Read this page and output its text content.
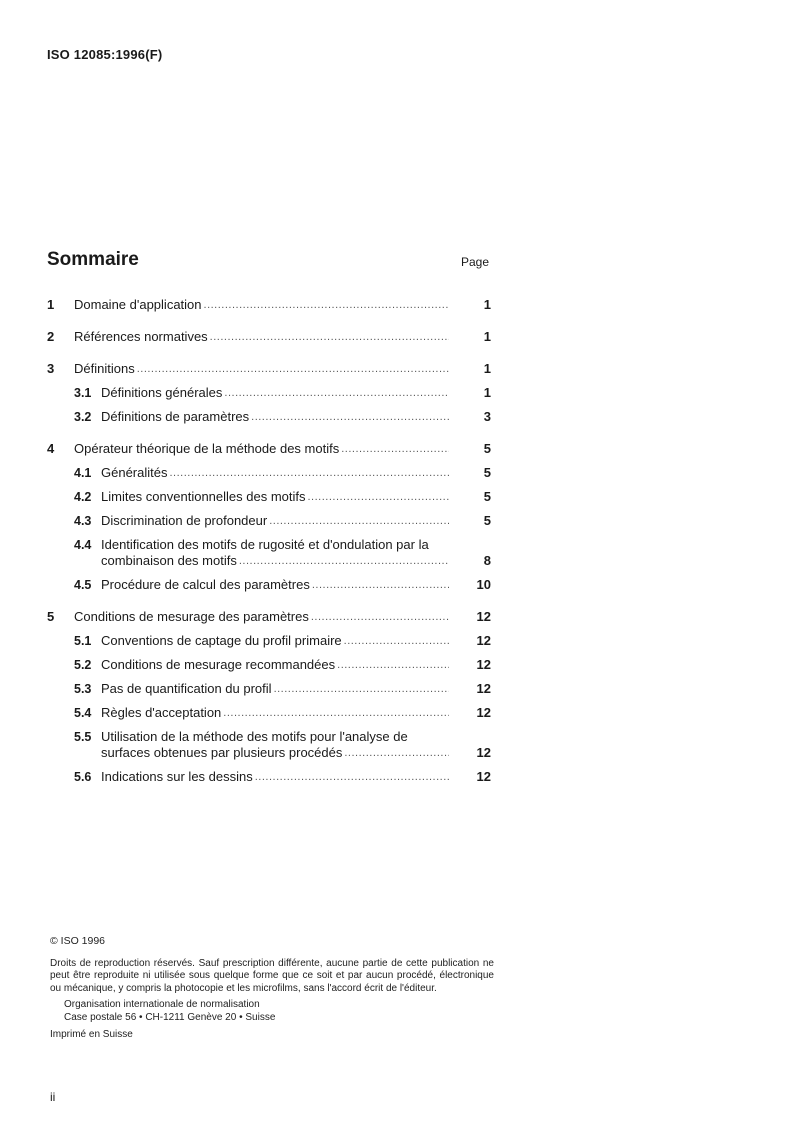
ISO 12085:1996(F)
Sommaire	Page
1	Domaine d'application .....	1
2	Références normatives .....	1
3	Définitions .....	1
3.1 Définitions générales .....	1
3.2 Définitions de paramètres .....	3
4	Opérateur théorique de la méthode des motifs .....	5
4.1 Généralités .....	5
4.2 Limites conventionnelles des motifs .....	5
4.3 Discrimination de profondeur .....	5
4.4 Identification des motifs de rugosité et d'ondulation par la
combinaison des motifs .....	8
4.5 Procédure de calcul des paramètres .....	10
5	Conditions de mesurage des paramètres .....	12
5.1 Conventions de captage du profil primaire .....	12
5.2 Conditions de mesurage recommandées .....	12
5.3 Pas de quantification du profil .....	12
5.4 Règles d'acceptation .....	12
5.5 Utilisation de la méthode des motifs pour l'analyse de
surfaces obtenues par plusieurs procédés .....	12
5.6 Indications sur les dessins .....	12
© ISO 1996
Droits de reproduction réservés. Sauf prescription différente, aucune partie de cette publication ne peut être reproduite ni utilisée sous quelque forme que ce soit et par aucun procédé, électronique ou mécanique, y compris la photocopie et les microfilms, sans l'accord écrit de l'éditeur.
Organisation internationale de normalisation
Case postale 56 • CH-1211 Genève 20 • Suisse
Imprimé en Suisse
ii
